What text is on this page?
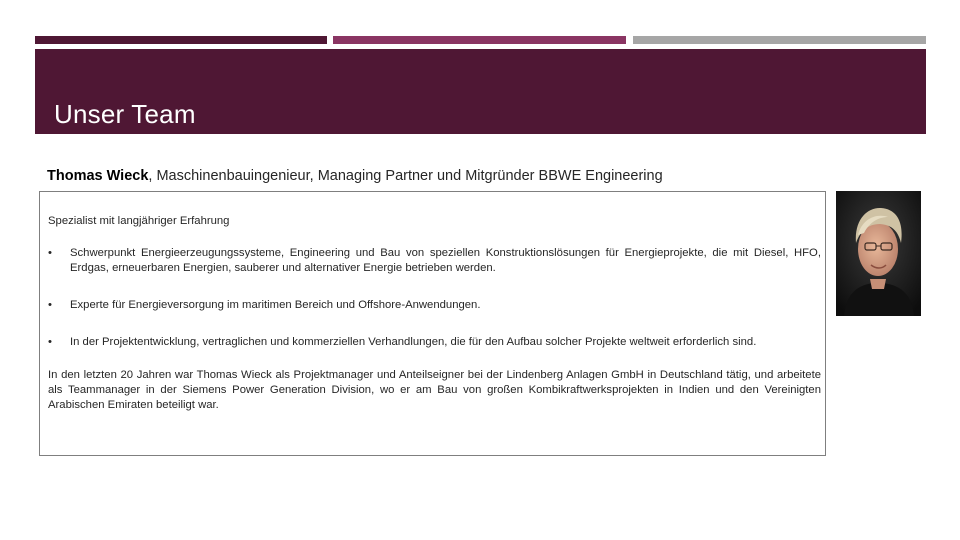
Unser Team
Thomas Wieck, Maschinenbauingenieur, Managing Partner und Mitgründer BBWE Engineering

Spezialist mit langjähriger Erfahrung

•	Schwerpunkt Energieerzeugungssysteme, Engineering und Bau von speziellen Konstruktionslösungen für Energieprojekte, die mit Diesel, HFO, Erdgas, erneuerbaren Energien, sauberer und alternativer Energie betrieben werden.
•	Experte für Energieversorgung im maritimen Bereich und Offshore-Anwendungen.
•	In der Projektentwicklung, vertraglichen und kommerziellen Verhandlungen, die für den Aufbau solcher Projekte weltweit erforderlich sind.

In den letzten 20 Jahren war Thomas Wieck als Projektmanager und Anteilseigner bei der Lindenberg Anlagen GmbH in Deutschland tätig, und arbeitete als Teammanager in der Siemens Power Generation Division, wo er am Bau von großen Kombikraftwerksprojekten in Indien und den Vereinigten Arabischen Emiraten beteiligt war.
